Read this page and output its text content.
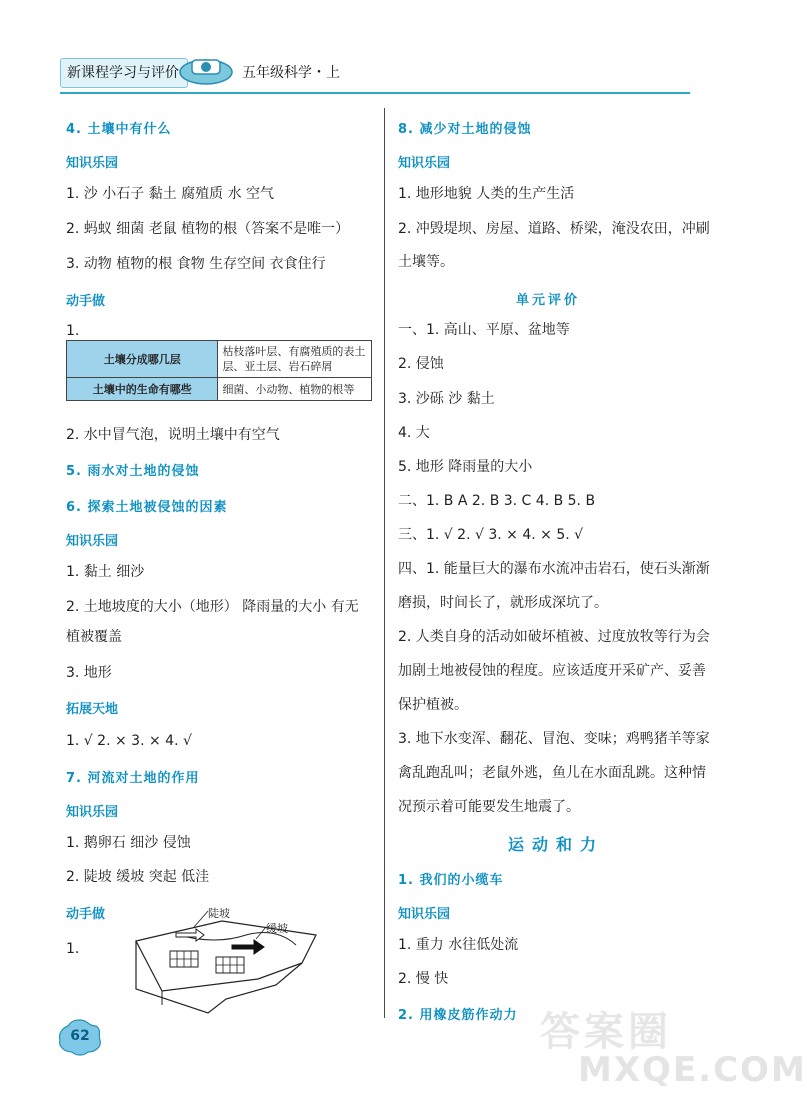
新课程学习与评价	五年级科学・上
4. 土壤中有什么
知识乐园
1. 沙 小石子 黏土 腐殖质 水 空气
2. 蚂蚁 细菌 老鼠 植物的根（答案不是唯一）
3. 动物 植物的根 食物 生存空间 衣食住行
动手做
1.
土壤分成哪几层	枯枝落叶层、有腐殖质的表土层、亚土层、岩石碎屑
土壤中的生命有哪些	细菌、小动物、植物的根等
2. 水中冒气泡，说明土壤中有空气
5. 雨水对土地的侵蚀
6. 探索土地被侵蚀的因素
知识乐园
1. 黏土 细沙
2. 土地坡度的大小（地形） 降雨量的大小 有无
植被覆盖
3. 地形
拓展天地
1. √ 2. × 3. × 4. √
7. 河流对土地的作用
知识乐园
1. 鹅卵石 细沙 侵蚀
2. 陡坡 缓坡 突起 低洼
动手做
1.
陡坡
缓坡
8. 减少对土地的侵蚀
知识乐园
1. 地形地貌 人类的生产生活
2. 冲毁堤坝、房屋、道路、桥梁，淹没农田，冲刷
土壤等。
单元评价
一、1. 高山、平原、盆地等
2. 侵蚀
3. 沙砾 沙 黏土
4. 大
5. 地形 降雨量的大小
二、1. B A 2. B 3. C 4. B 5. B
三、1. √ 2. √ 3. × 4. × 5. √
四、1. 能量巨大的瀑布水流冲击岩石，使石头渐渐
磨损，时间长了，就形成深坑了。
2. 人类自身的活动如破坏植被、过度放牧等行为会
加剧土地被侵蚀的程度。应该适度开采矿产、妥善
保护植被。
3. 地下水变浑、翻花、冒泡、变味；鸡鸭猪羊等家
禽乱跑乱叫；老鼠外逃，鱼儿在水面乱跳。这种情
况预示着可能要发生地震了。
运动和力
1. 我们的小缆车
知识乐园
1. 重力 水往低处流
2. 慢 快
2. 用橡皮筋作动力
62	答案圈
MXQE.COM
